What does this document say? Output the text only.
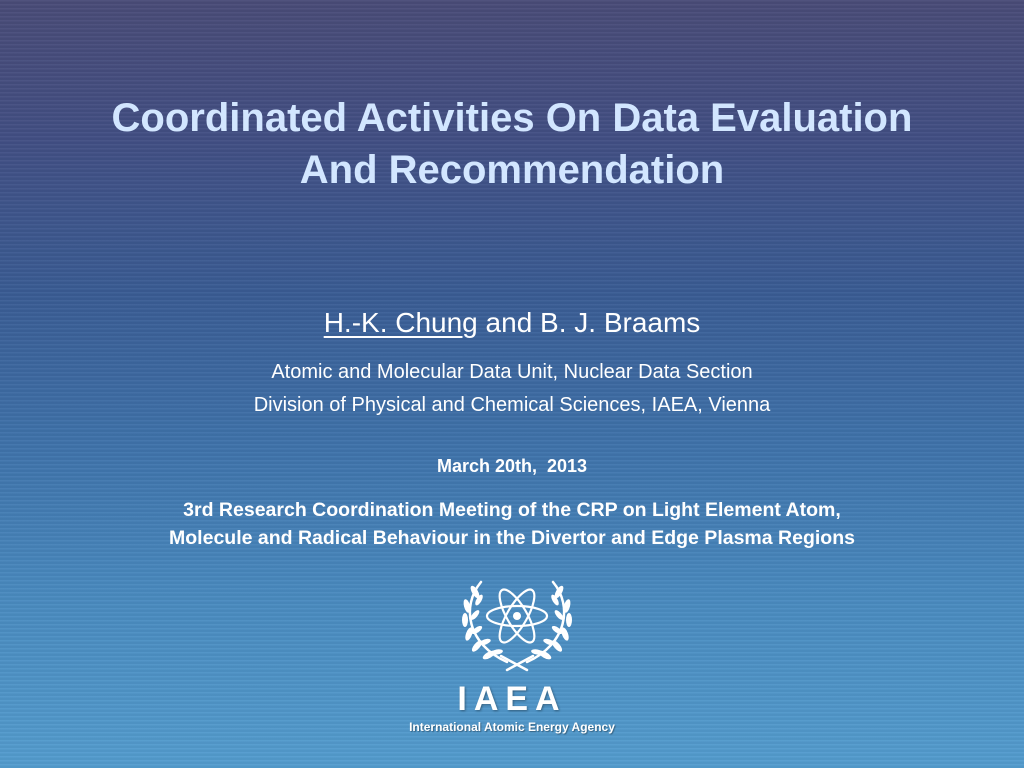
Coordinated Activities On Data Evaluation
And Recommendation
H.-K. Chung and B. J. Braams
Atomic and Molecular Data Unit, Nuclear Data Section
Division of Physical and Chemical Sciences, IAEA, Vienna
March 20th,  2013
3rd Research Coordination Meeting of the CRP on Light Element Atom,
Molecule and Radical Behaviour in the Divertor and Edge Plasma Regions
IAEA
International Atomic Energy Agency
